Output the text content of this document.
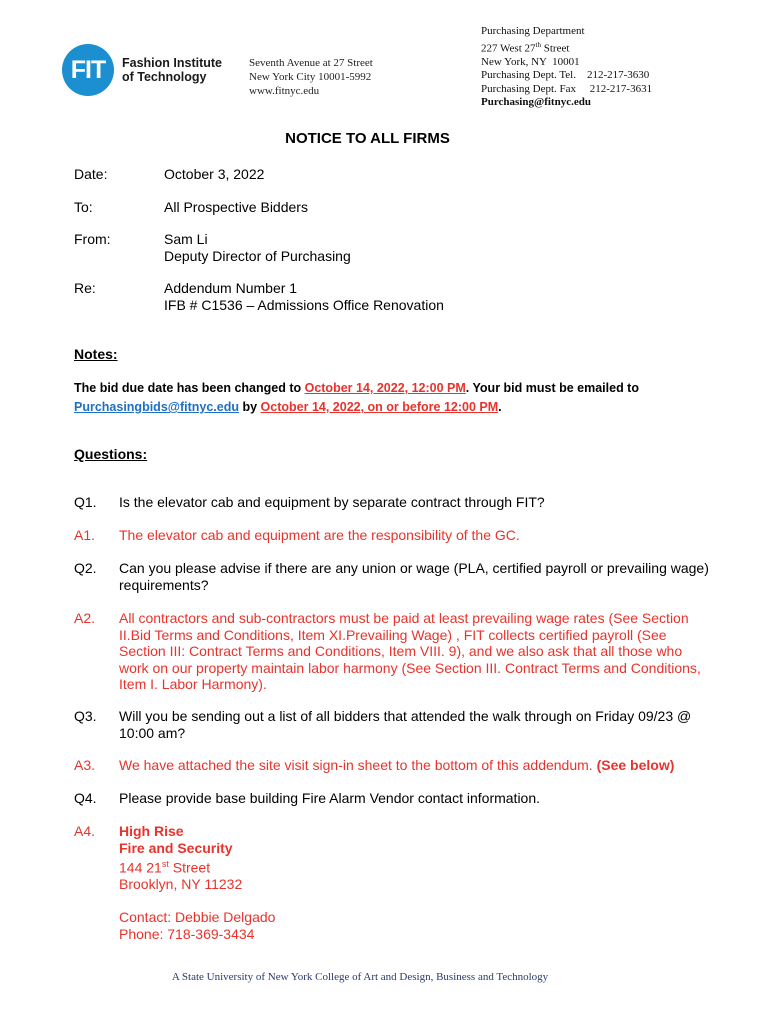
FIT	Fashion Institute
of Technology
Seventh Avenue at 27 Street
New York City 10001-5992
www.fitnyc.edu
Purchasing Department
227 West 27th Street
New York, NY  10001
Purchasing Dept. Tel.    212-217-3630
Purchasing Dept. Fax     212-217-3631
Purchasing@fitnyc.edu
NOTICE TO ALL FIRMS
Date:	October 3, 2022
To:	All Prospective Bidders
From:	Sam Li
Deputy Director of Purchasing
Re:	Addendum Number 1
IFB # C1536 – Admissions Office Renovation
Notes:
The bid due date has been changed to October 14, 2022, 12:00 PM. Your bid must be emailed to
Purchasingbids@fitnyc.edu by October 14, 2022, on or before 12:00 PM.
Questions:
Q1. Is the elevator cab and equipment by separate contract through FIT?
A1. The elevator cab and equipment are the responsibility of the GC.
Q2. Can you please advise if there are any union or wage (PLA, certified payroll or prevailing wage)
requirements?
A2. All contractors and sub-contractors must be paid at least prevailing wage rates (See Section
II.Bid Terms and Conditions, Item XI.Prevailing Wage) , FIT collects certified payroll (See
Section III: Contract Terms and Conditions, Item VIII. 9), and we also ask that all those who
work on our property maintain labor harmony (See Section III. Contract Terms and Conditions,
Item I. Labor Harmony).
Q3. Will you be sending out a list of all bidders that attended the walk through on Friday 09/23 @
10:00 am?
A3. We have attached the site visit sign-in sheet to the bottom of this addendum. (See below)
Q4. Please provide base building Fire Alarm Vendor contact information.
A4. High Rise
Fire and Security
144 21st Street
Brooklyn, NY 11232
Contact: Debbie Delgado
Phone: 718-369-3434
A State University of New York College of Art and Design, Business and Technology
